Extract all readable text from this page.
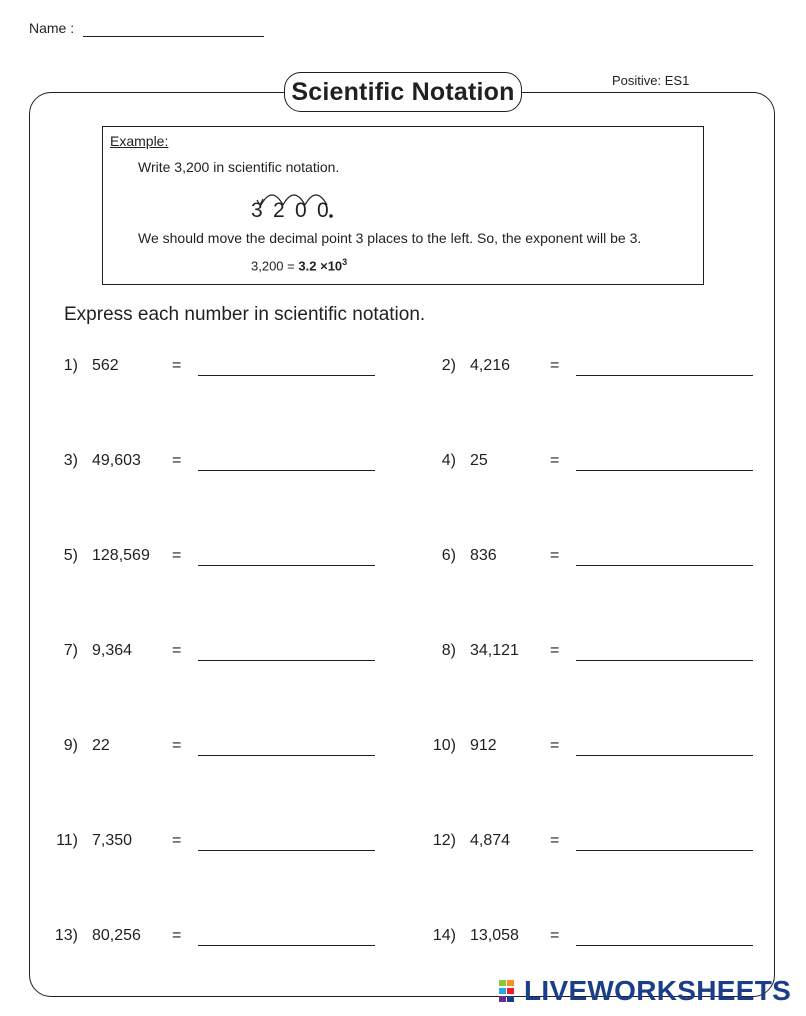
Name :
Scientific Notation	Positive: ES1
Example:
Write 3,200 in scientific notation.
3 2 0 0
We should move the decimal point 3 places to the left. So, the exponent will be 3.
$3,200 = 3.2 \times 10^3$
Express each number in scientific notation.
1) 562	=	2) 4,216 =
3) 49,603 =	4) 25	=
5) 128,569 =	6) 836	=
7) 9,364 =	8) 34,121 =
9) 22	=	10) 912	=
11) 7,350 =	12) 4,874 =
13) 80,256 =	14) 13,058 =
LIVEWORKSHEETS
